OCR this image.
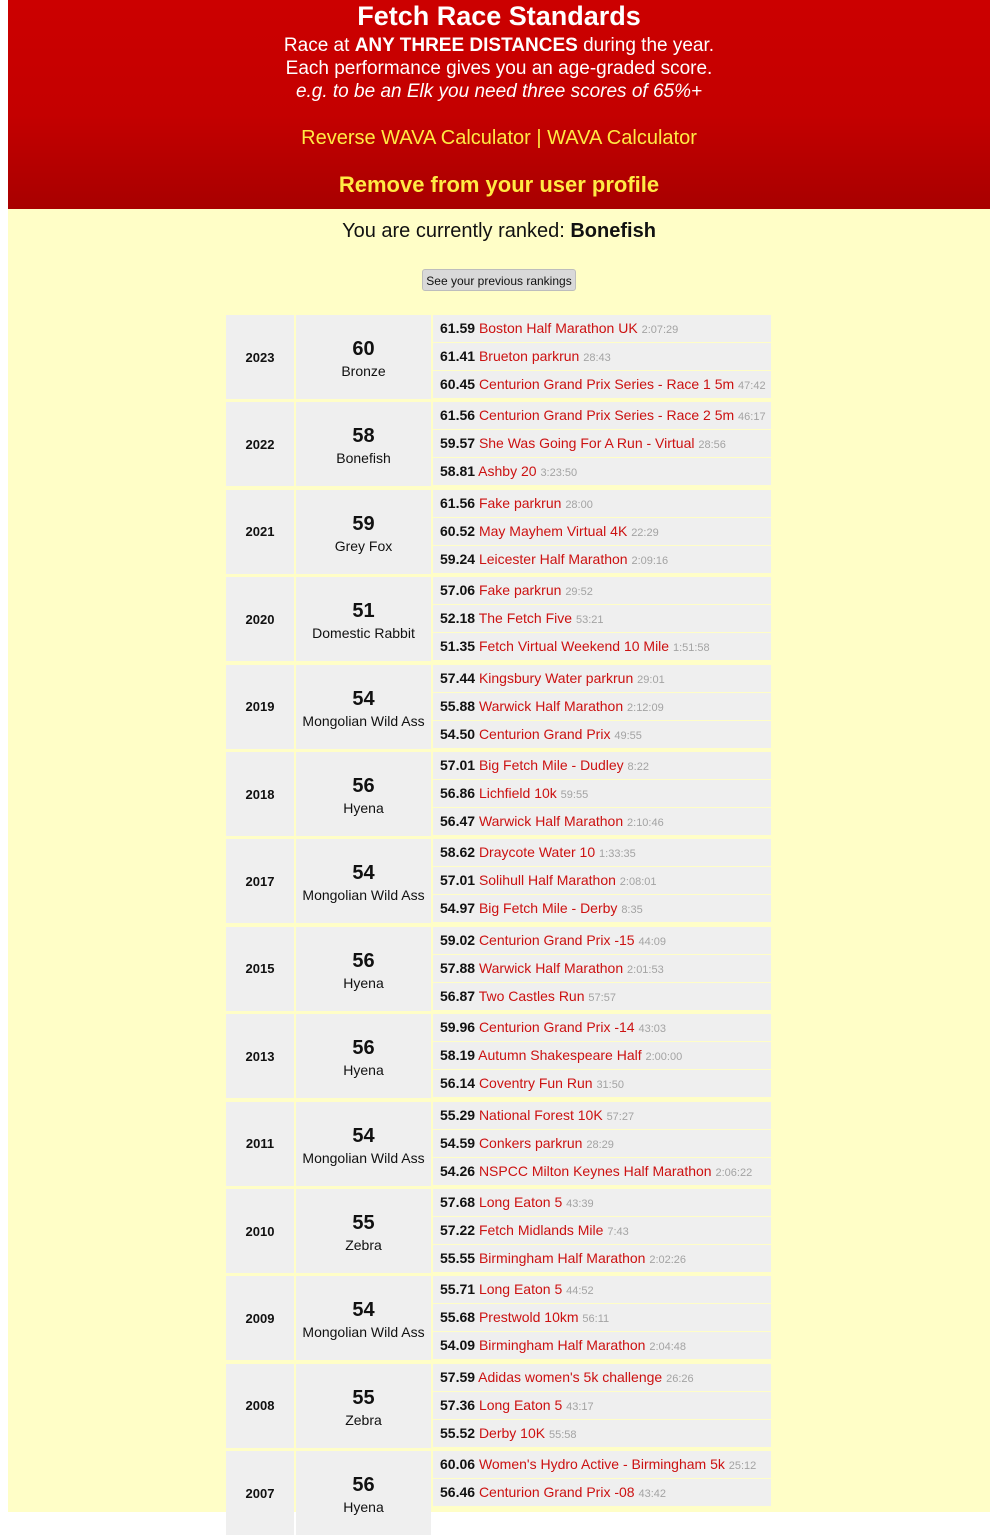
Fetch Race Standards
Race at ANY THREE DISTANCES during the year.
Each performance gives you an age-graded score.
e.g. to be an Elk you need three scores of 65%+
Reverse WAVA Calculator | WAVA Calculator
Remove from your user profile
You are currently ranked: Bonefish
See your previous rankings
2023	60
Bronze
61.59 Boston Half Marathon UK 2:07:29
61.41 Brueton parkrun 28:43
60.45 Centurion Grand Prix Series - Race 1 5m 47:42
2022	58
Bonefish
61.56 Centurion Grand Prix Series - Race 2 5m 46:17
59.57 She Was Going For A Run - Virtual 28:56
58.81 Ashby 20 3:23:50
2021	59
Grey Fox
61.56 Fake parkrun 28:00
60.52 May Mayhem Virtual 4K 22:29
59.24 Leicester Half Marathon 2:09:16
2020	51
Domestic Rabbit
57.06 Fake parkrun 29:52
52.18 The Fetch Five 53:21
51.35 Fetch Virtual Weekend 10 Mile 1:51:58
2019	54
Mongolian Wild Ass
57.44 Kingsbury Water parkrun 29:01
55.88 Warwick Half Marathon 2:12:09
54.50 Centurion Grand Prix 49:55
2018	56
Hyena
57.01 Big Fetch Mile - Dudley 8:22
56.86 Lichfield 10k 59:55
56.47 Warwick Half Marathon 2:10:46
2017	54
Mongolian Wild Ass
58.62 Draycote Water 10 1:33:35
57.01 Solihull Half Marathon 2:08:01
54.97 Big Fetch Mile - Derby 8:35
2015	56
Hyena
59.02 Centurion Grand Prix -15 44:09
57.88 Warwick Half Marathon 2:01:53
56.87 Two Castles Run 57:57
2013	56
Hyena
59.96 Centurion Grand Prix -14 43:03
58.19 Autumn Shakespeare Half 2:00:00
56.14 Coventry Fun Run 31:50
2011	54
Mongolian Wild Ass
55.29 National Forest 10K 57:27
54.59 Conkers parkrun 28:29
54.26 NSPCC Milton Keynes Half Marathon 2:06:22
2010	55
Zebra
57.68 Long Eaton 5 43:39
57.22 Fetch Midlands Mile 7:43
55.55 Birmingham Half Marathon 2:02:26
2009	54
Mongolian Wild Ass
55.71 Long Eaton 5 44:52
55.68 Prestwold 10km 56:11
54.09 Birmingham Half Marathon 2:04:48
2008	55
Zebra
57.59 Adidas women's 5k challenge 26:26
57.36 Long Eaton 5 43:17
55.52 Derby 10K 55:58
2007	56
Hyena
60.06 Women's Hydro Active - Birmingham 5k 25:12
56.46 Centurion Grand Prix -08 43:42
